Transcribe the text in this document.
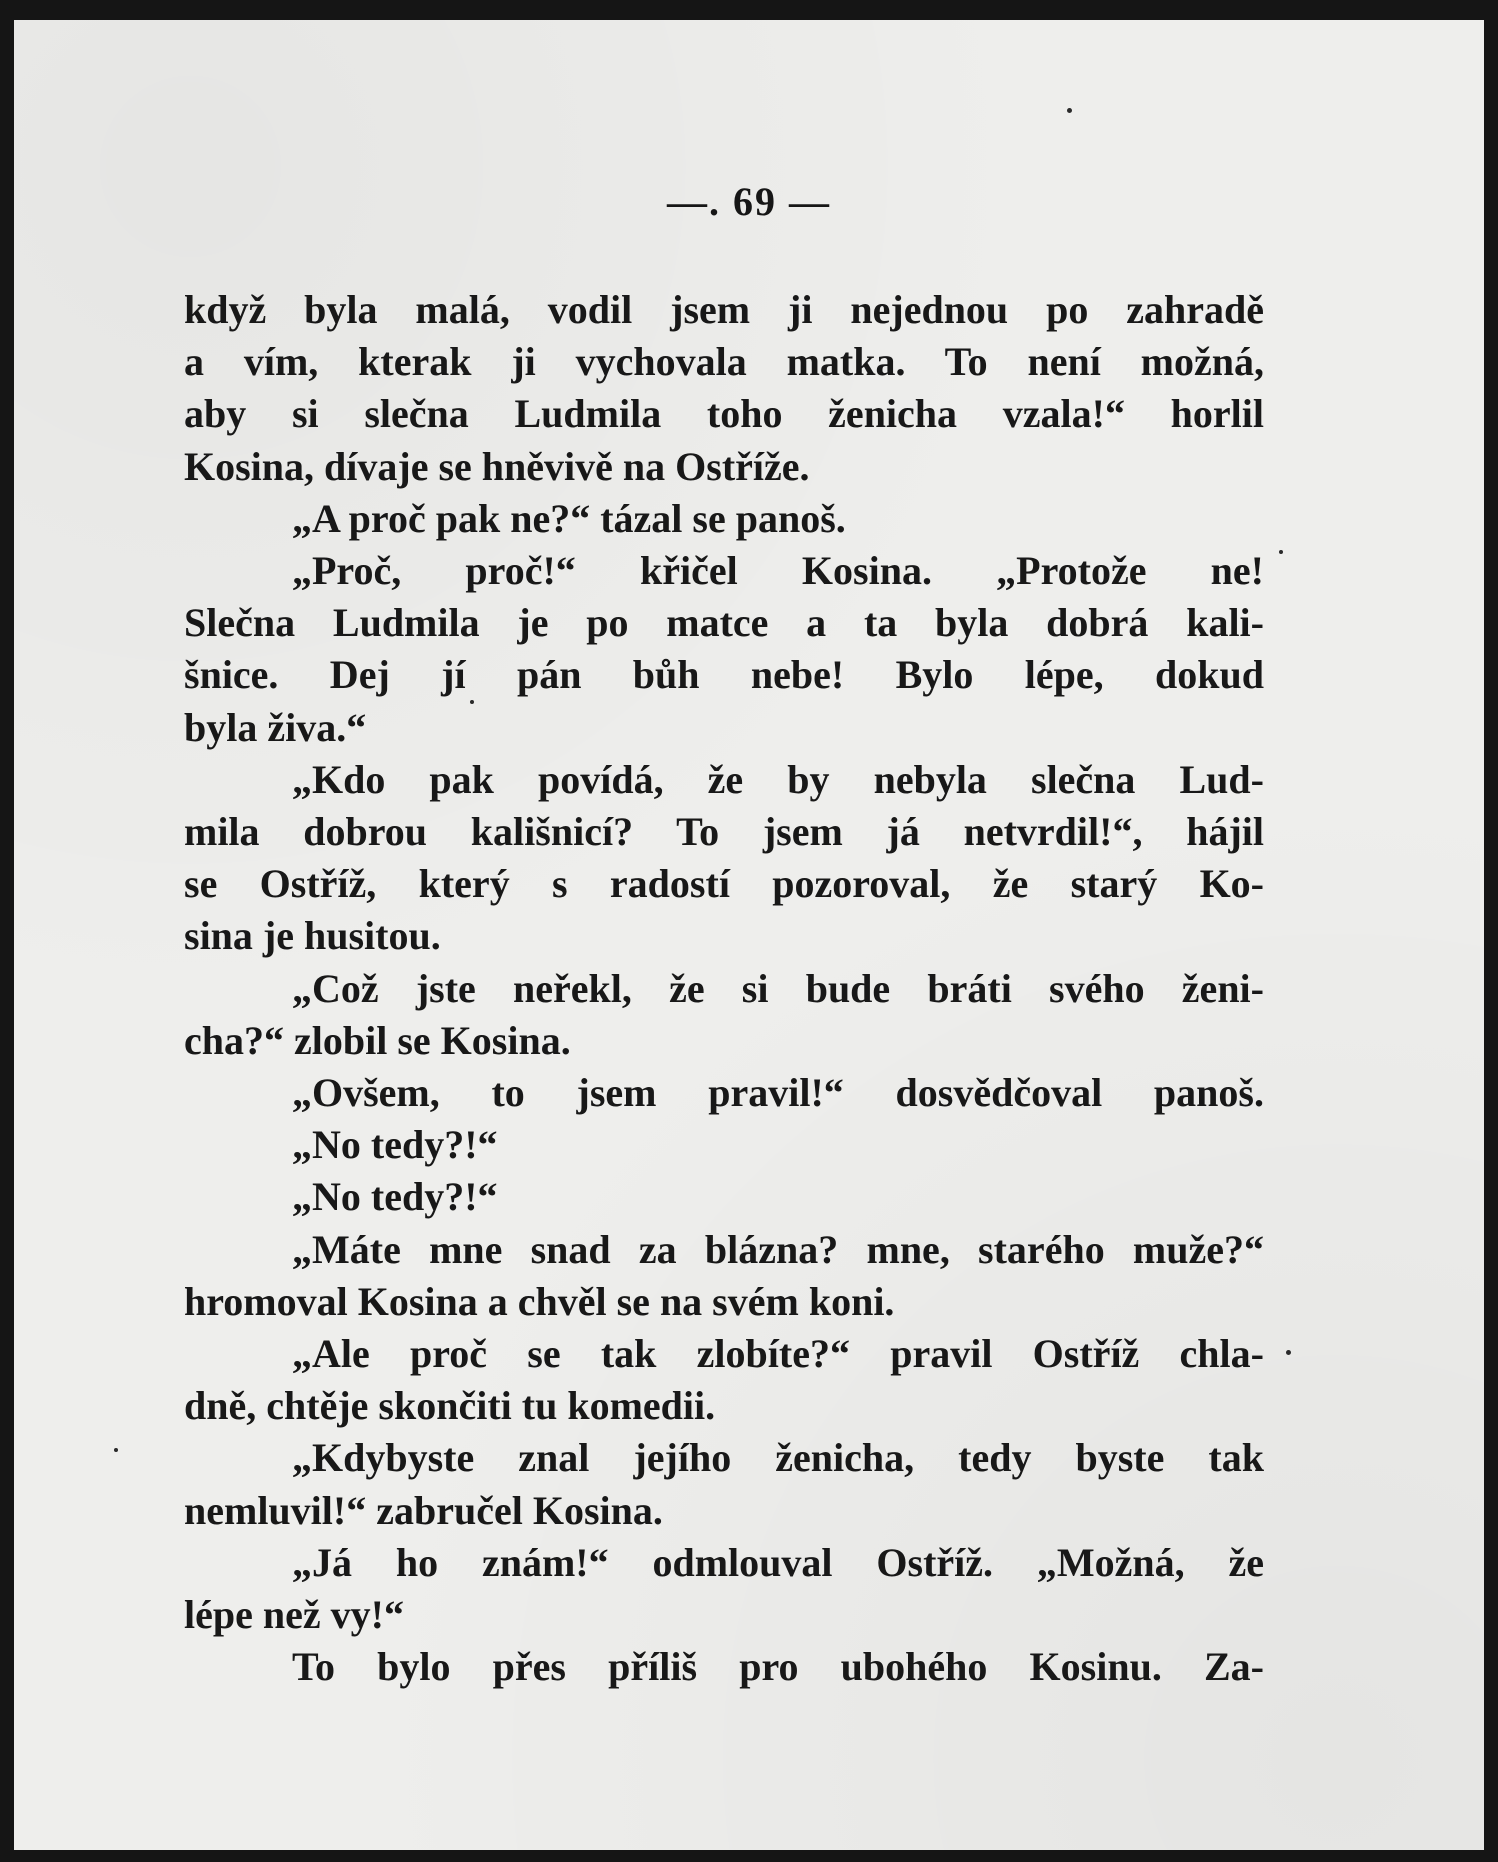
—. 69 —
když byla malá, vodil jsem ji nejednou po zahradě
a vím, kterak ji vychovala matka. To není možná,
aby si slečna Ludmila toho ženicha vzala!“ horlil
Kosina, dívaje se hněvivě na Ostříže.
„A proč pak ne?“ tázal se panoš.
„Proč, proč!“ křičel Kosina. „Protože ne!
Slečna Ludmila je po matce a ta byla dobrá kali-
šnice. Dej jí pán bůh nebe! Bylo lépe, dokud
byla živa.“
„Kdo pak povídá, že by nebyla slečna Lud-
mila dobrou kališnicí? To jsem já netvrdil!“, hájil
se Ostříž, který s radostí pozoroval, že starý Ko-
sina je husitou.
„Což jste neřekl, že si bude bráti svého ženi-
cha?“ zlobil se Kosina.
„Ovšem, to jsem pravil!“ dosvědčoval panoš.
„No tedy?!“
„No tedy?!“
„Máte mne snad za blázna? mne, starého muže?“
hromoval Kosina a chvěl se na svém koni.
„Ale proč se tak zlobíte?“ pravil Ostříž chla-
dně, chtěje skončiti tu komedii.
„Kdybyste znal jejího ženicha, tedy byste tak
nemluvil!“ zabručel Kosina.
„Já ho znám!“ odmlouval Ostříž. „Možná, že
lépe než vy!“
To bylo přes příliš pro ubohého Kosinu. Za-
